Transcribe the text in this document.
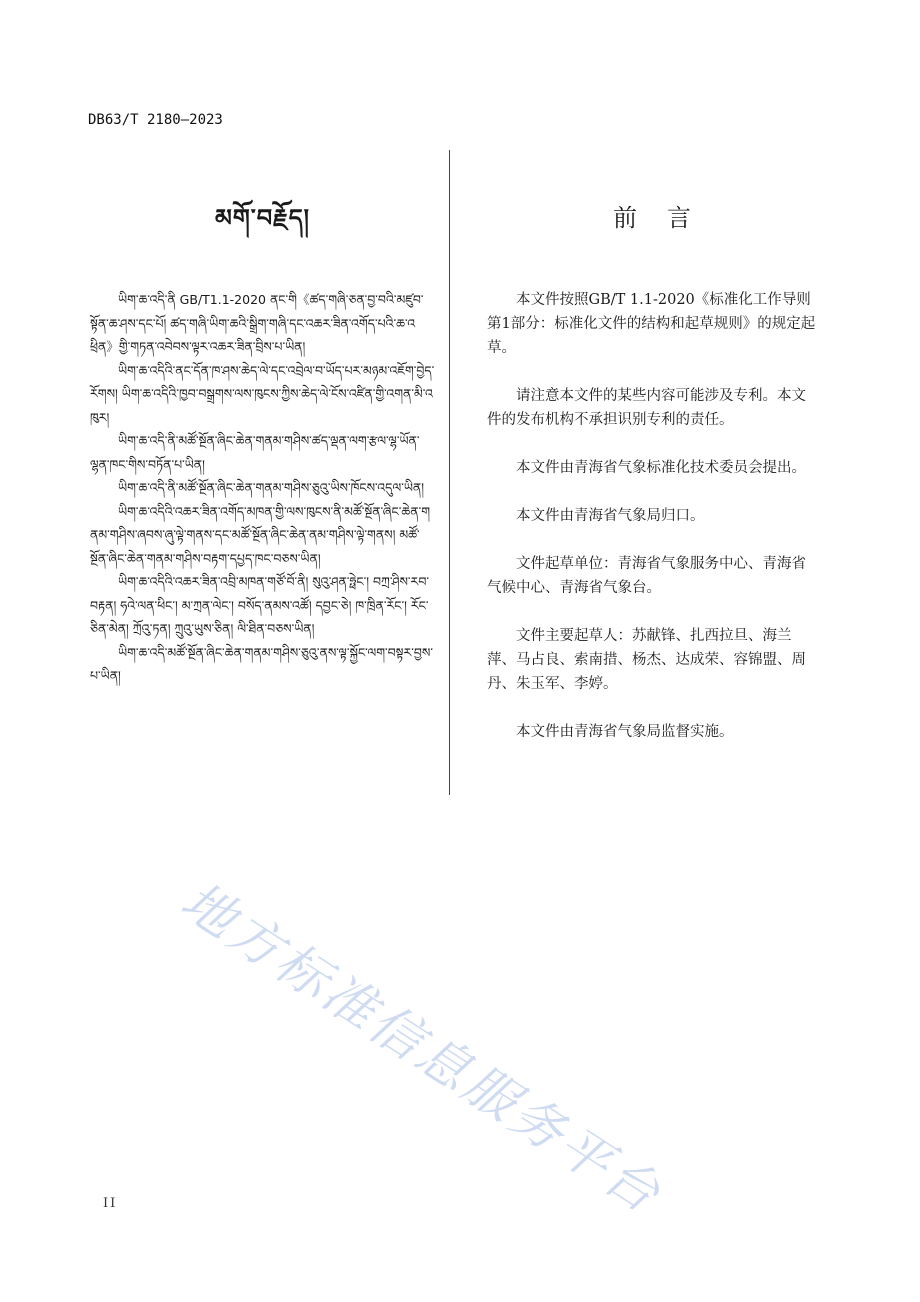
DB63/T 2180—2023
མགོ་བརྗོད།

ཡིག་ཆ་འདི་ནི GB/T1.1-2020 ནང་གི《ཚད་གཞི་ཅན་བྱ་བའི་མཛུབ་སྟོན་ཆ་ཤས་དང་པོ། ཚད་གཞི་ཡིག་ཆའི་སྒྲིག་གཞི་དང་འཆར་ཟིན་འགོད་པའི་ཆ་འཕྲིན》གྱི་གཏན་འབེབས་ལྟར་འཆར་ཟིན་བྲིས་པ་ཡིན།

ཡིག་ཆ་འདིའི་ནང་དོན་ཁ་ཤས་ཆེད་ལེ་དང་འབྲེལ་བ་ཡོད་པར་མཉམ་འཇོག་བྱེད་རོགས། ཡིག་ཆ་འདིའི་ཁྱབ་བསྒྲགས་ལས་ཁུངས་ཀྱིས་ཆེད་ལེ་ངོས་འཛིན་གྱི་འགན་མི་འཁུར།

ཡིག་ཆ་འདི་ནི་མཚོ་སྔོན་ཞིང་ཆེན་གནམ་གཤིས་ཚད་ལྡན་ལག་རྩལ་ལྷ་ཡོན་ལྷན་ཁང་གིས་བཏོན་པ་ཡིན།

ཡིག་ཆ་འདི་ནི་མཚོ་སྔོན་ཞིང་ཆེན་གནམ་གཤིས་ཅུའུ་ཡིས་ཁོངས་འདུལ་ཡིན།

ཡིག་ཆ་འདིའི་འཆར་ཟིན་འགོད་མཁན་གྱི་ལས་ཁུངས་ནི་མཚོ་སྔོན་ཞིང་ཆེན་གནམ་གཤིས་ཞབས་ཞུ་ལྟེ་གནས་དང་མཚོ་སྔོན་ཞིང་ཆེན་ནམ་གཤིས་ལྟེ་གནས། མཚོ་སྔོན་ཞིང་ཆེན་གནམ་གཤིས་བརྟག་དཔྱད་ཁང་བཅས་ཡིན།

ཡིག་ཆ་འདིའི་འཆར་ཟིན་འབྲི་མཁན་གཙོ་བོ་ནི། སུའུ་ཤན་ཧྥེང་། བཀྲ་ཤིས་རབ་བརྟན། ཧའེ་ལན་ཕིང་། མ་ཀྲན་ལེང་། བསོད་ནམས་འཚོ། དབྱང་ཅེ། ཁ་ཁྲིན་རོང་། རོང་ཅིན་མེན། ཀྲོའུ་ཏན། ཀྲུའུ་ཡུས་ཅིན། ལི་ཐིན་བཅས་ཡིན།

ཡིག་ཆ་འདི་མཚོ་སྔོན་ཞིང་ཆེན་གནམ་གཤིས་ཅུའུ་ནས་ལྟ་སྐྱོང་ལག་བསྟར་བྱས་པ་ཡིན།

前言

　　本文件按照GB/T 1.1-2020《标准化工作导则 第1部分：标准化文件的结构和起草规则》的规定起草。

　　请注意本文件的某些内容可能涉及专利。本文件的发布机构不承担识别专利的责任。

　　本文件由青海省气象标准化技术委员会提出。

　　本文件由青海省气象局归口。

　　文件起草单位：青海省气象服务中心、青海省气候中心、青海省气象台。

　　文件主要起草人：苏献锋、扎西拉旦、海兰萍、马占良、索南措、杨杰、达成荣、容锦盟、周丹、朱玉军、李婷。

　　本文件由青海省气象局监督实施。

地方标准信息服务平台
II
